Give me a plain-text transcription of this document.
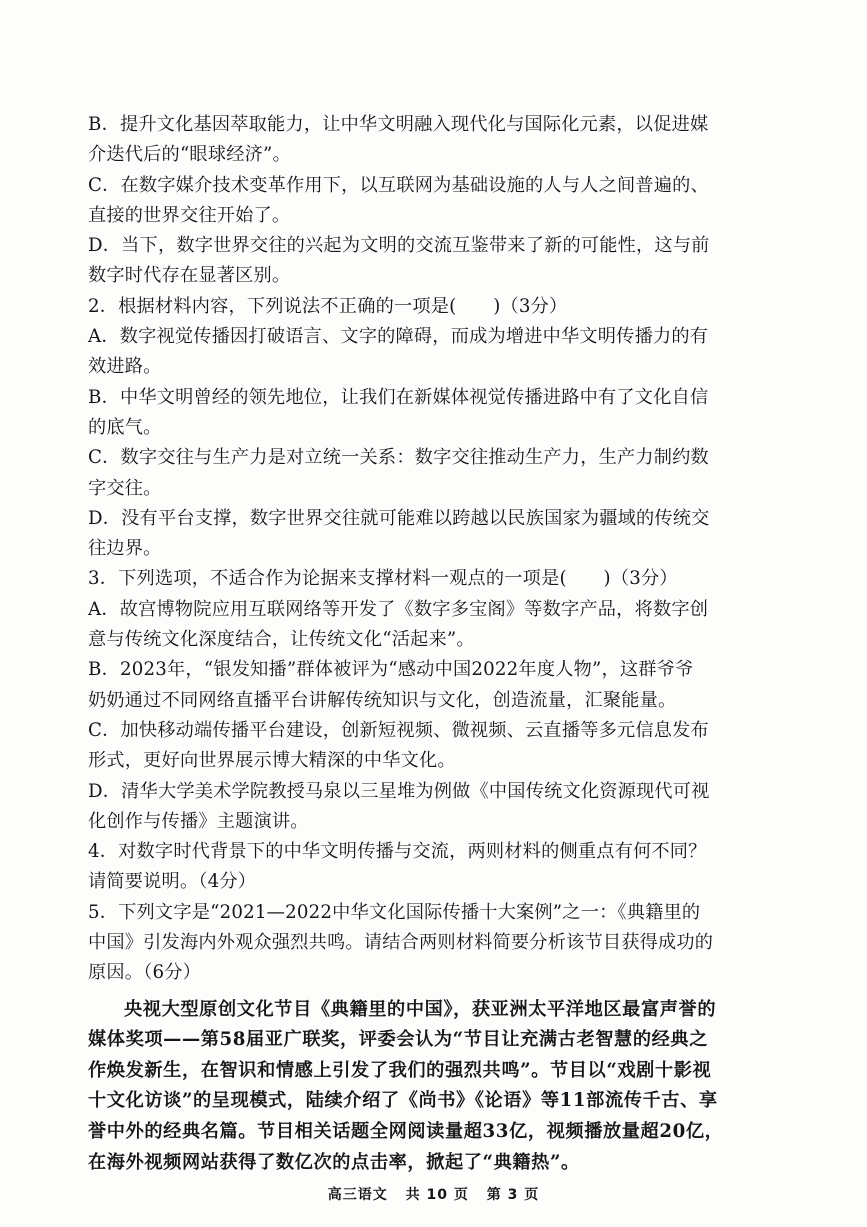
B．提升文化基因萃取能力，让中华文明融入现代化与国际化元素，以促进媒
介迭代后的“眼球经济”。
C．在数字媒介技术变革作用下，以互联网为基础设施的人与人之间普遍的、
直接的世界交往开始了。
D．当下，数字世界交往的兴起为文明的交流互鉴带来了新的可能性，这与前
数字时代存在显著区别。
2．根据材料内容，下列说法不正确的一项是(　　)（3分）
A．数字视觉传播因打破语言、文字的障碍，而成为增进中华文明传播力的有
效进路。
B．中华文明曾经的领先地位，让我们在新媒体视觉传播进路中有了文化自信
的底气。
C．数字交往与生产力是对立统一关系：数字交往推动生产力，生产力制约数
字交往。
D．没有平台支撑，数字世界交往就可能难以跨越以民族国家为疆域的传统交
往边界。
3．下列选项，不适合作为论据来支撑材料一观点的一项是(　　)（3分）
A．故宫博物院应用互联网络等开发了《数字多宝阁》等数字产品，将数字创
意与传统文化深度结合，让传统文化“活起来”。
B．2023年，“银发知播”群体被评为“感动中国2022年度人物”，这群爷爷
奶奶通过不同网络直播平台讲解传统知识与文化，创造流量，汇聚能量。
C．加快移动端传播平台建设，创新短视频、微视频、云直播等多元信息发布
形式，更好向世界展示博大精深的中华文化。
D．清华大学美术学院教授马泉以三星堆为例做《中国传统文化资源现代可视
化创作与传播》主题演讲。
4．对数字时代背景下的中华文明传播与交流，两则材料的侧重点有何不同？
请简要说明。（4分）
5．下列文字是“2021—2022中华文化国际传播十大案例”之一：《典籍里的
中国》引发海内外观众强烈共鸣。请结合两则材料简要分析该节目获得成功的
原因。（6分）
央视大型原创文化节目《典籍里的中国》，获亚洲太平洋地区最富声誉的
媒体奖项——第58届亚广联奖，评委会认为“节目让充满古老智慧的经典之
作焕发新生，在智识和情感上引发了我们的强烈共鸣”。节目以“戏剧十影视
十文化访谈”的呈现模式，陆续介绍了《尚书》《论语》等11部流传千古、享
誉中外的经典名篇。节目相关话题全网阅读量超33亿，视频播放量超20亿，
在海外视频网站获得了数亿次的点击率，掀起了“典籍热”。
高三语文 共 10 页 第 3 页
